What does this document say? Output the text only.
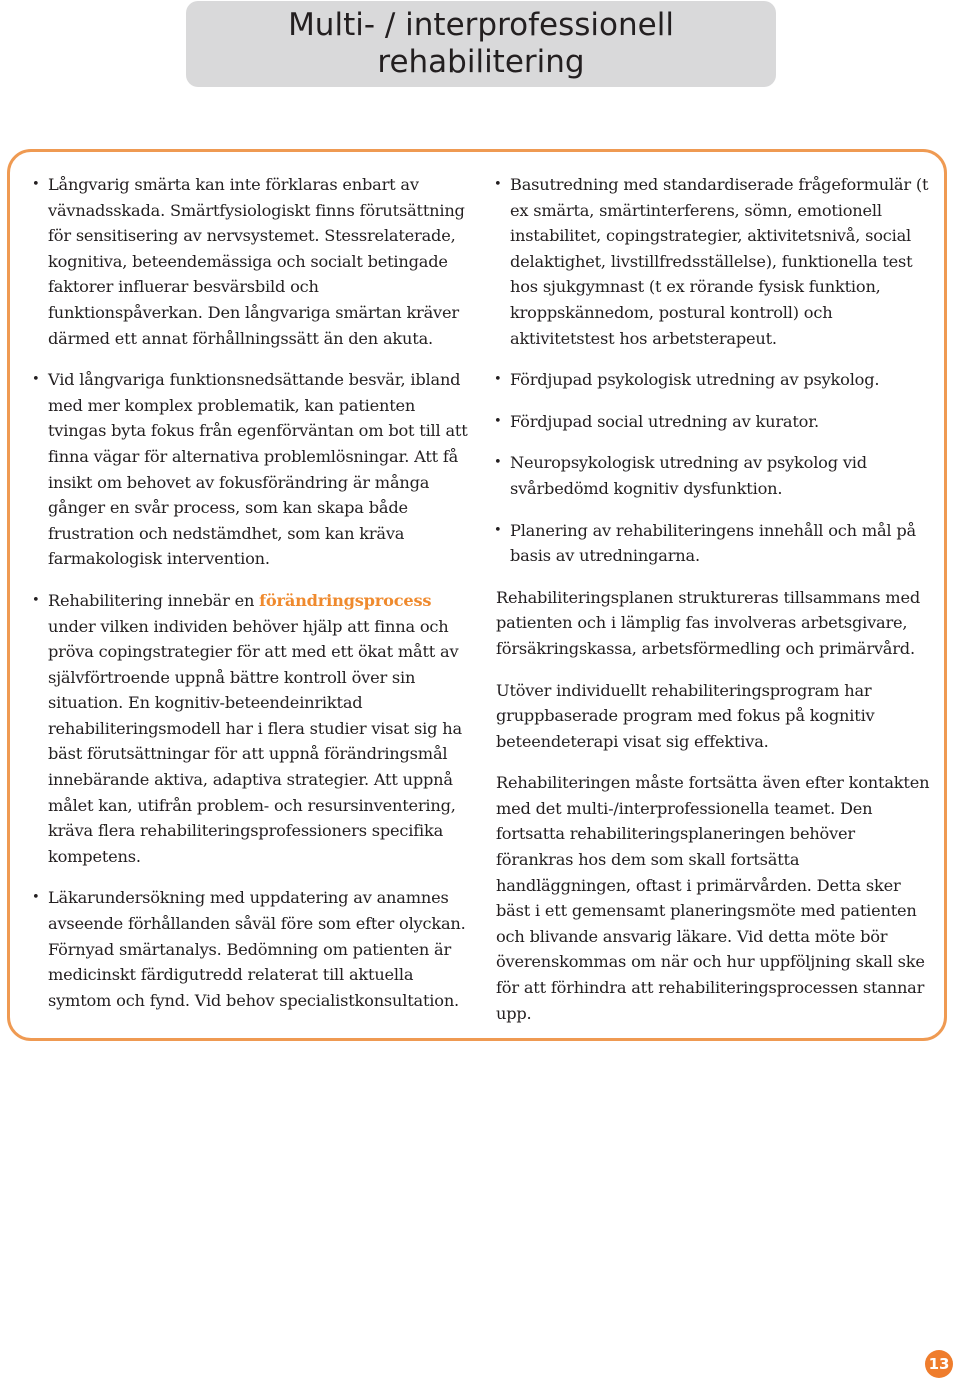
Multi- / interprofessionell
rehabilitering
• Långvarig smärta kan inte förklaras enbart av vävnadsskada. Smärtfysiologiskt finns förutsättning för sensitisering av nervsystemet. Stessrelaterade, kognitiva, beteendemässiga och socialt betingade faktorer influerar besvärsbild och funktionspåverkan. Den långvariga smärtan kräver därmed ett annat förhållningssätt än den akuta.
• Vid långvariga funktionsnedsättande besvär, ibland med mer komplex problematik, kan patienten tvingas byta fokus från egenförväntan om bot till att finna vägar för alternativa problemlösningar. Att få insikt om behovet av fokusförändring är många gånger en svår process, som kan skapa både frustration och nedstämdhet, som kan kräva farmakologisk intervention.
• Rehabilitering innebär en förändringsprocess under vilken individen behöver hjälp att finna och pröva copingstrategier för att med ett ökat mått av självförtroende uppnå bättre kontroll över sin situation. En kognitiv-beteendeinriktad rehabiliteringsmodell har i flera studier visat sig ha bäst förutsättningar för att uppnå förändringsmål innebärande aktiva, adaptiva strategier. Att uppnå målet kan, utifrån problem- och resursinventering, kräva flera rehabiliteringsprofessioners specifika kompetens.
• Läkarundersökning med uppdatering av anamnes avseende förhållanden såväl före som efter olyckan. Förnyad smärtanalys. Bedömning om patienten är medicinskt färdigutredd relaterat till aktuella symtom och fynd. Vid behov specialistkonsultation.
• Basutredning med standardiserade frågeformulär (t ex smärta, smärtinterferens, sömn, emotionell instabilitet, copingstrategier, aktivitetsnivå, social delaktighet, livstillfredsställelse), funktionella test hos sjukgymnast (t ex rörande fysisk funktion, kroppskännedom, postural kontroll) och aktivitetstest hos arbetsterapeut.
• Fördjupad psykologisk utredning av psykolog.
• Fördjupad social utredning av kurator.
• Neuropsykologisk utredning av psykolog vid svårbedömd kognitiv dysfunktion.
• Planering av rehabiliteringens innehåll och mål på basis av utredningarna.

Rehabiliteringsplanen struktureras tillsammans med patienten och i lämplig fas involveras arbetsgivare, försäkringskassa, arbetsförmedling och primärvård.

Utöver individuellt rehabiliteringsprogram har gruppbaserade program med fokus på kognitiv beteendeterapi visat sig effektiva.

Rehabiliteringen måste fortsätta även efter kontakten med det multi-/interprofessionella teamet. Den fortsatta rehabiliteringsplaneringen behöver förankras hos dem som skall fortsätta handläggningen, oftast i primärvården. Detta sker bäst i ett gemensamt planeringsmöte med patienten och blivande ansvarig läkare. Vid detta möte bör överenskommas om när och hur uppföljning skall ske för att förhindra att rehabiliteringsprocessen stannar upp.

13
